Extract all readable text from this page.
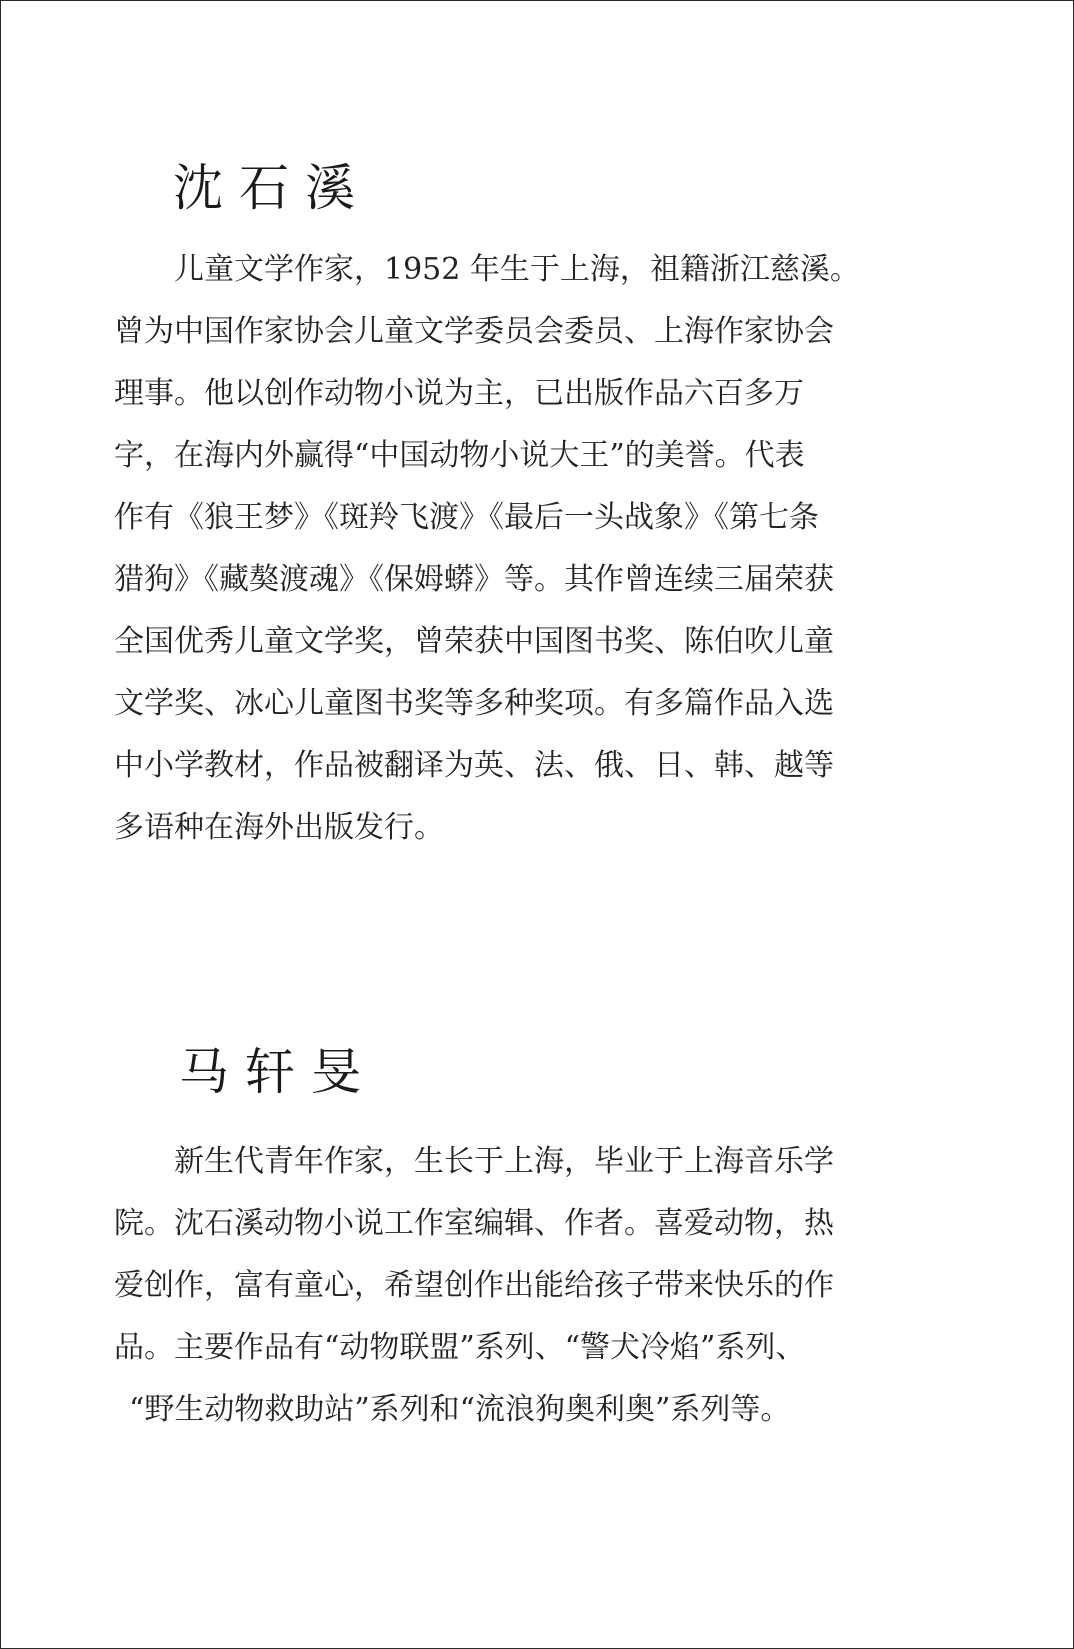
沈石溪
儿童文学作家，1952 年生于上海，祖籍浙江慈溪。
曾为中国作家协会儿童文学委员会委员、上海作家协会
理事。他以创作动物小说为主，已出版作品六百多万
字，在海内外赢得“中国动物小说大王”的美誉。代表
作有《狼王梦》《斑羚飞渡》《最后一头战象》《第七条
猎狗》《藏獒渡魂》《保姆蟒》等。其作曾连续三届荣获
全国优秀儿童文学奖，曾荣获中国图书奖、陈伯吹儿童
文学奖、冰心儿童图书奖等多种奖项。有多篇作品入选
中小学教材，作品被翻译为英、法、俄、日、韩、越等
多语种在海外出版发行。
马轩旻
新生代青年作家，生长于上海，毕业于上海音乐学
院。沈石溪动物小说工作室编辑、作者。喜爱动物，热
爱创作，富有童心，希望创作出能给孩子带来快乐的作
品。主要作品有“动物联盟”系列、“警犬冷焰”系列、
“野生动物救助站”系列和“流浪狗奥利奥”系列等。
